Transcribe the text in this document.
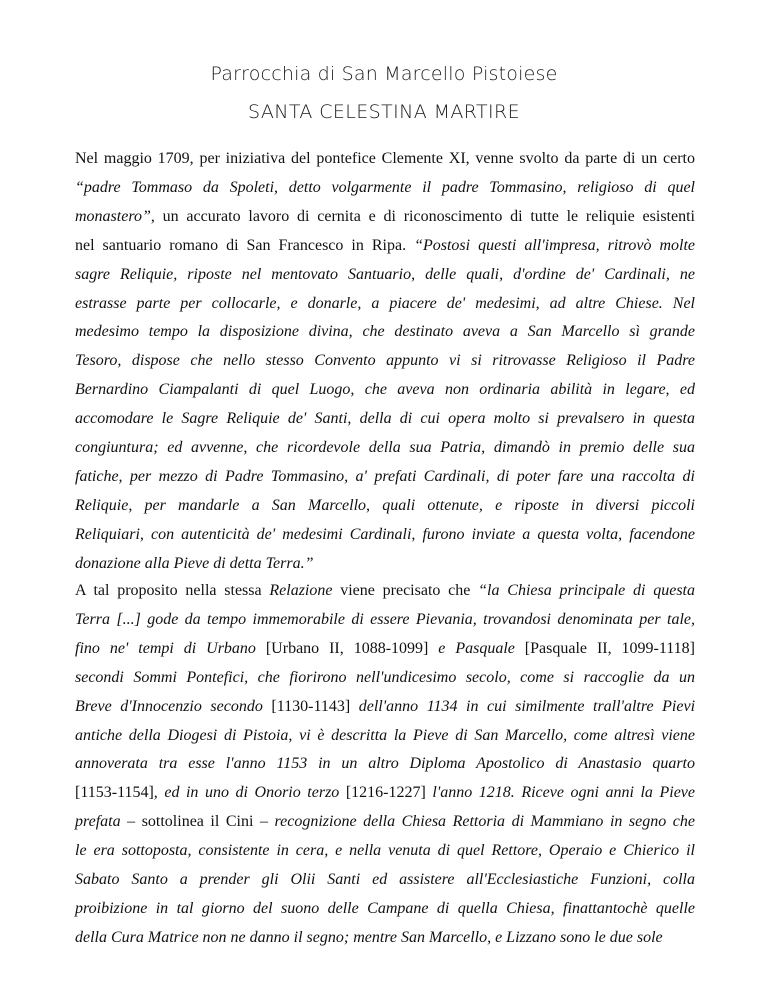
Parrocchia di San Marcello Pistoiese
SANTA CELESTINA MARTIRE
Nel maggio 1709, per iniziativa del pontefice Clemente XI, venne svolto da parte di un certo
“padre Tommaso da Spoleti, detto volgarmente il padre Tommasino, religioso di quel
monastero”, un accurato lavoro di cernita e di riconoscimento di tutte le reliquie esistenti
nel santuario romano di San Francesco in Ripa. “Postosi questi all'impresa, ritrovò molte
sagre Reliquie, riposte nel mentovato Santuario, delle quali, d'ordine de' Cardinali, ne
estrasse parte per collocarle, e donarle, a piacere de' medesimi, ad altre Chiese. Nel
medesimo tempo la disposizione divina, che destinato aveva a San Marcello sì grande
Tesoro, dispose che nello stesso Convento appunto vi si ritrovasse Religioso il Padre
Bernardino Ciampalanti di quel Luogo, che aveva non ordinaria abilità in legare, ed
accomodare le Sagre Reliquie de' Santi, della di cui opera molto si prevalsero in questa
congiuntura; ed avvenne, che ricordevole della sua Patria, dimandò in premio delle sua
fatiche, per mezzo di Padre Tommasino, a' prefati Cardinali, di poter fare una raccolta di
Reliquie, per mandarle a San Marcello, quali ottenute, e riposte in diversi piccoli
Reliquiari, con autenticità de' medesimi Cardinali, furono inviate a questa volta, facendone
donazione alla Pieve di detta Terra.”
A tal proposito nella stessa Relazione viene precisato che “la Chiesa principale di questa
Terra [...] gode da tempo immemorabile di essere Pievania, trovandosi denominata per tale,
fino ne' tempi di Urbano [Urbano II, 1088-1099] e Pasquale [Pasquale II, 1099-1118]
secondi Sommi Pontefici, che fiorirono nell'undicesimo secolo, come si raccoglie da un
Breve d'Innocenzio secondo [1130-1143] dell'anno 1134 in cui similmente trall'altre Pievi
antiche della Diogesi di Pistoia, vi è descritta la Pieve di San Marcello, come altresì viene
annoverata tra esse l'anno 1153 in un altro Diploma Apostolico di Anastasio quarto
[1153-1154], ed in uno di Onorio terzo [1216-1227] l'anno 1218. Riceve ogni anni la Pieve
prefata – sottolinea il Cini – recognizione della Chiesa Rettoria di Mammiano in segno che
le era sottoposta, consistente in cera, e nella venuta di quel Rettore, Operaio e Chierico il
Sabato Santo a prender gli Olii Santi ed assistere all'Ecclesiastiche Funzioni, colla
proibizione in tal giorno del suono delle Campane di quella Chiesa, finattantochè quelle
della Cura Matrice non ne danno il segno; mentre San Marcello, e Lizzano sono le due sole
